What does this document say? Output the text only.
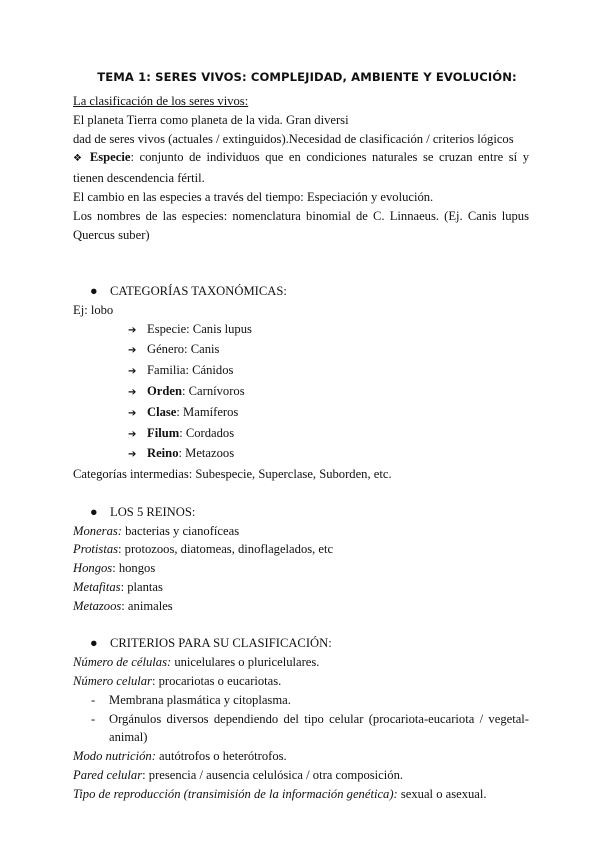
TEMA 1: SERES VIVOS: COMPLEJIDAD, AMBIENTE Y EVOLUCIÓN:

La clasificación de los seres vivos:

El planeta Tierra como planeta de la vida. Gran diversi

dad de seres vivos (actuales / extinguidos).Necesidad de clasificación / criterios lógicos

❖ Especie: conjunto de individuos que en condiciones naturales se cruzan entre sí y tienen descendencia fértil.

El cambio en las especies a través del tiempo: Especiación y evolución.

Los nombres de las especies: nomenclatura binomial de C. Linnaeus. (Ej. Canis lupus Quercus suber)

● CATEGORÍAS TAXONÓMICAS:

Ej: lobo

➔ Especie: Canis lupus

➔ Género: Canis

➔ Familia: Cánidos

➔ Orden: Carnívoros

➔ Clase: Mamíferos

➔ Filum: Cordados

➔ Reino: Metazoos

Categorías intermedias: Subespecie, Superclase, Suborden, etc.

● LOS 5 REINOS:

Moneras: bacterias y cianofíceas

Protistas: protozoos, diatomeas, dinoflagelados, etc

Hongos: hongos

Metafitas: plantas

Metazoos: animales

● CRITERIOS PARA SU CLASIFICACIÓN:

Número de células: unicelulares o pluricelulares.

Número celular: procariotas o eucariotas.

-	Membrana plasmática y citoplasma.
-	Orgánulos diversos dependiendo del tipo celular (procariota-eucariota / vegetal-animal)

Modo nutrición: autótrofos o heterótrofos.

Pared celular: presencia / ausencia celulósica / otra composición.

Tipo de reproducción (transimisión de la información genética): sexual o asexual.
